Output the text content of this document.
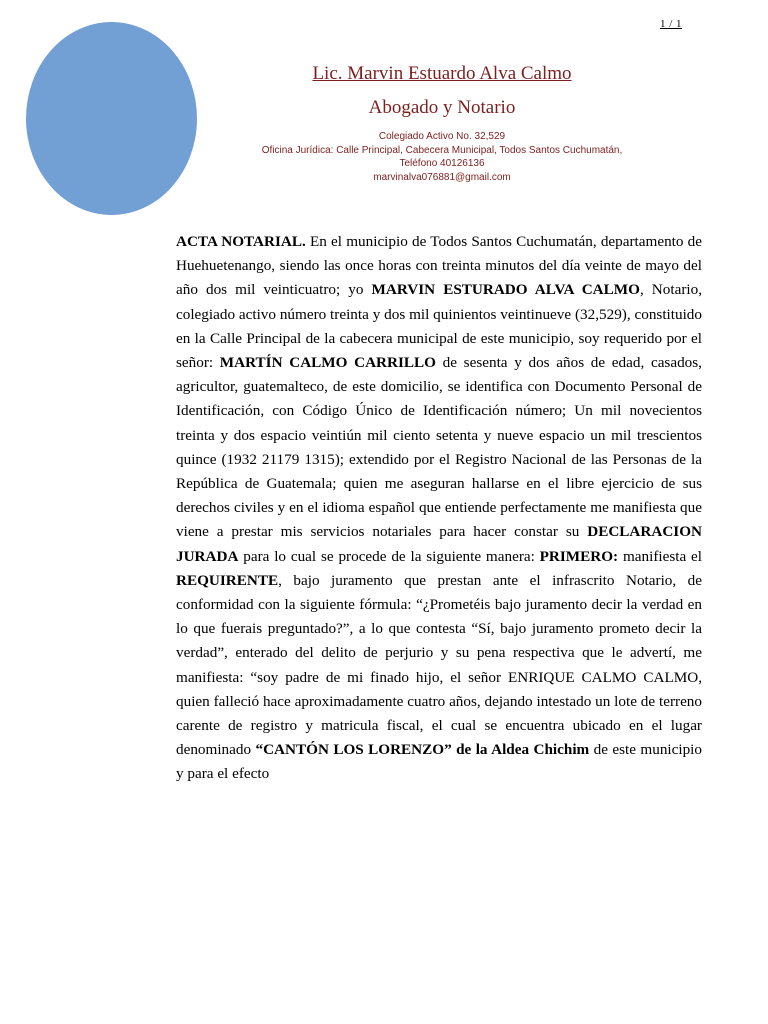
1 / 1

Lic. Marvin Estuardo Alva Calmo

Abogado y Notario

Colegiado Activo No. 32,529
Oficina Jurídica: Calle Principal, Cabecera Municipal, Todos Santos Cuchumatán,
Teléfono 40126136
marvinalva076881@gmail.com

ACTA NOTARIAL. En el municipio de Todos Santos Cuchumatán, departamento de Huehuetenango, siendo las once horas con treinta minutos del día veinte de mayo del año dos mil veinticuatro; yo MARVIN ESTURADO ALVA CALMO, Notario, colegiado activo número treinta y dos mil quinientos veintinueve (32,529), constituido en la Calle Principal de la cabecera municipal de este municipio, soy requerido por el señor: MARTÍN CALMO CARRILLO de sesenta y dos años de edad, casados, agricultor, guatemalteco, de este domicilio, se identifica con Documento Personal de Identificación, con Código Único de Identificación número; Un mil novecientos treinta y dos espacio veintiún mil ciento setenta y nueve espacio un mil trescientos quince (1932 21179 1315); extendido por el Registro Nacional de las Personas de la República de Guatemala; quien me aseguran hallarse en el libre ejercicio de sus derechos civiles y en el idioma español que entiende perfectamente me manifiesta que viene a prestar mis servicios notariales para hacer constar su DECLARACION JURADA para lo cual se procede de la siguiente manera: PRIMERO: manifiesta el REQUIRENTE, bajo juramento que prestan ante el infrascrito Notario, de conformidad con la siguiente fórmula: “¿Prometéis bajo juramento decir la verdad en lo que fuerais preguntado?”, a lo que contesta “Sí, bajo juramento prometo decir la verdad”, enterado del delito de perjurio y su pena respectiva que le advertí, me manifiesta: “soy padre de mi finado hijo, el señor ENRIQUE CALMO CALMO, quien falleció hace aproximadamente cuatro años, dejando intestado un lote de terreno carente de registro y matricula fiscal, el cual se encuentra ubicado en el lugar denominado “CANTÓN LOS LORENZO” de la Aldea Chichim de este municipio y para el efecto
